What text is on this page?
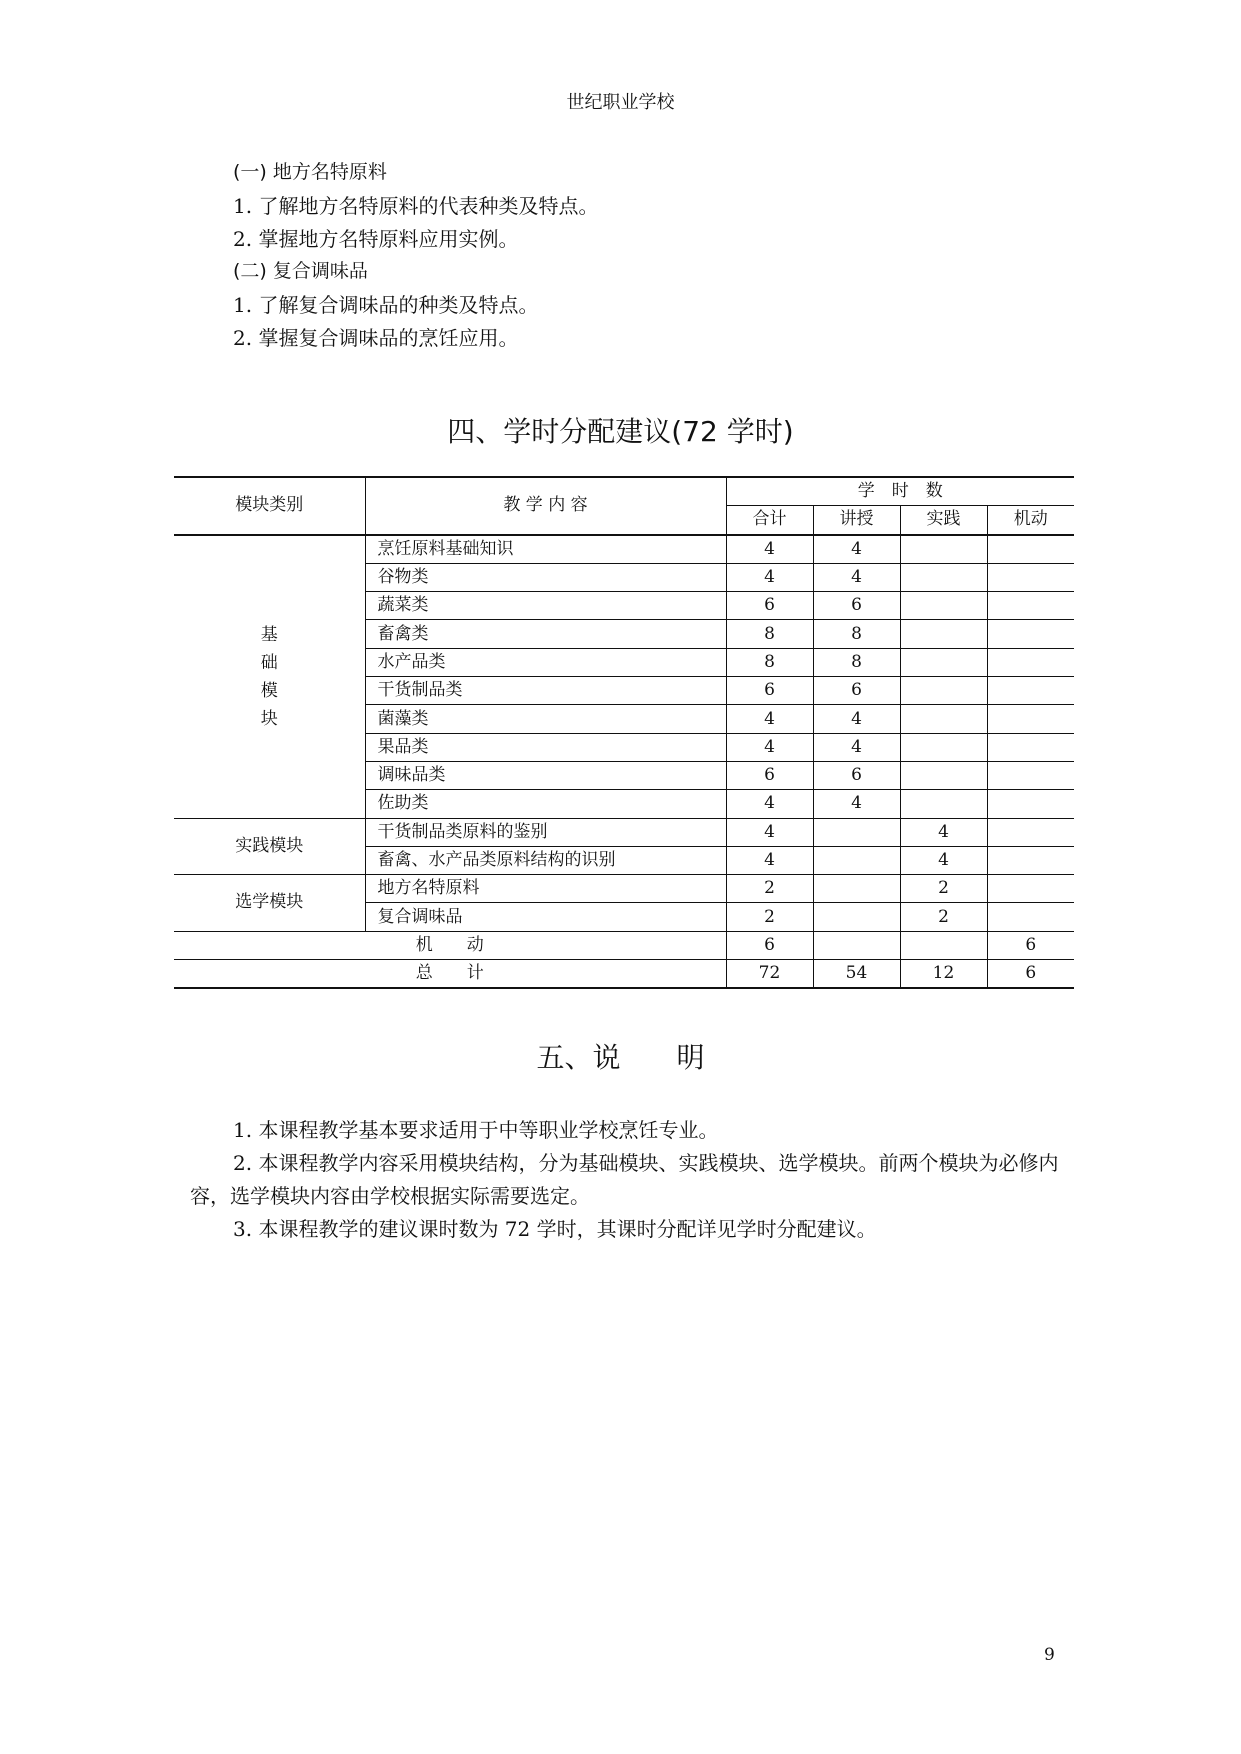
世纪职业学校
(一) 地方名特原料
1. 了解地方名特原料的代表种类及特点。
2. 掌握地方名特原料应用实例。
(二) 复合调味品
1. 了解复合调味品的种类及特点。
2. 掌握复合调味品的烹饪应用。
四、学时分配建议(72 学时)
模块类别	教 学 内 容	学　时　数			
		合计	讲授	实践	机动

基
础
模
块	烹饪原料基础知识	4	4		
	谷物类	4	4		
	蔬菜类	6	6		
	畜禽类	8	8		
	水产品类	8	8		
	干货制品类	6	6		
	菌藻类	4	4		
	果品类	4	4		
	调味品类	6	6		
	佐助类	4	4		
实践模块	干货制品类原料的鉴别	4		4	
	畜禽、水产品类原料结构的识别	4		4	
选学模块	地方名特原料	2		2	
	复合调味品	2		2	
机　　动		6			6
总　　计		72	54	12	6
五、说　　明

1. 本课程教学基本要求适用于中等职业学校烹饪专业。

2. 本课程教学内容采用模块结构，分为基础模块、实践模块、选学模块。前两个模块为必修内容，选学模块内容由学校根据实际需要选定。

3. 本课程教学的建议课时数为 72 学时，其课时分配详见学时分配建议。

9
